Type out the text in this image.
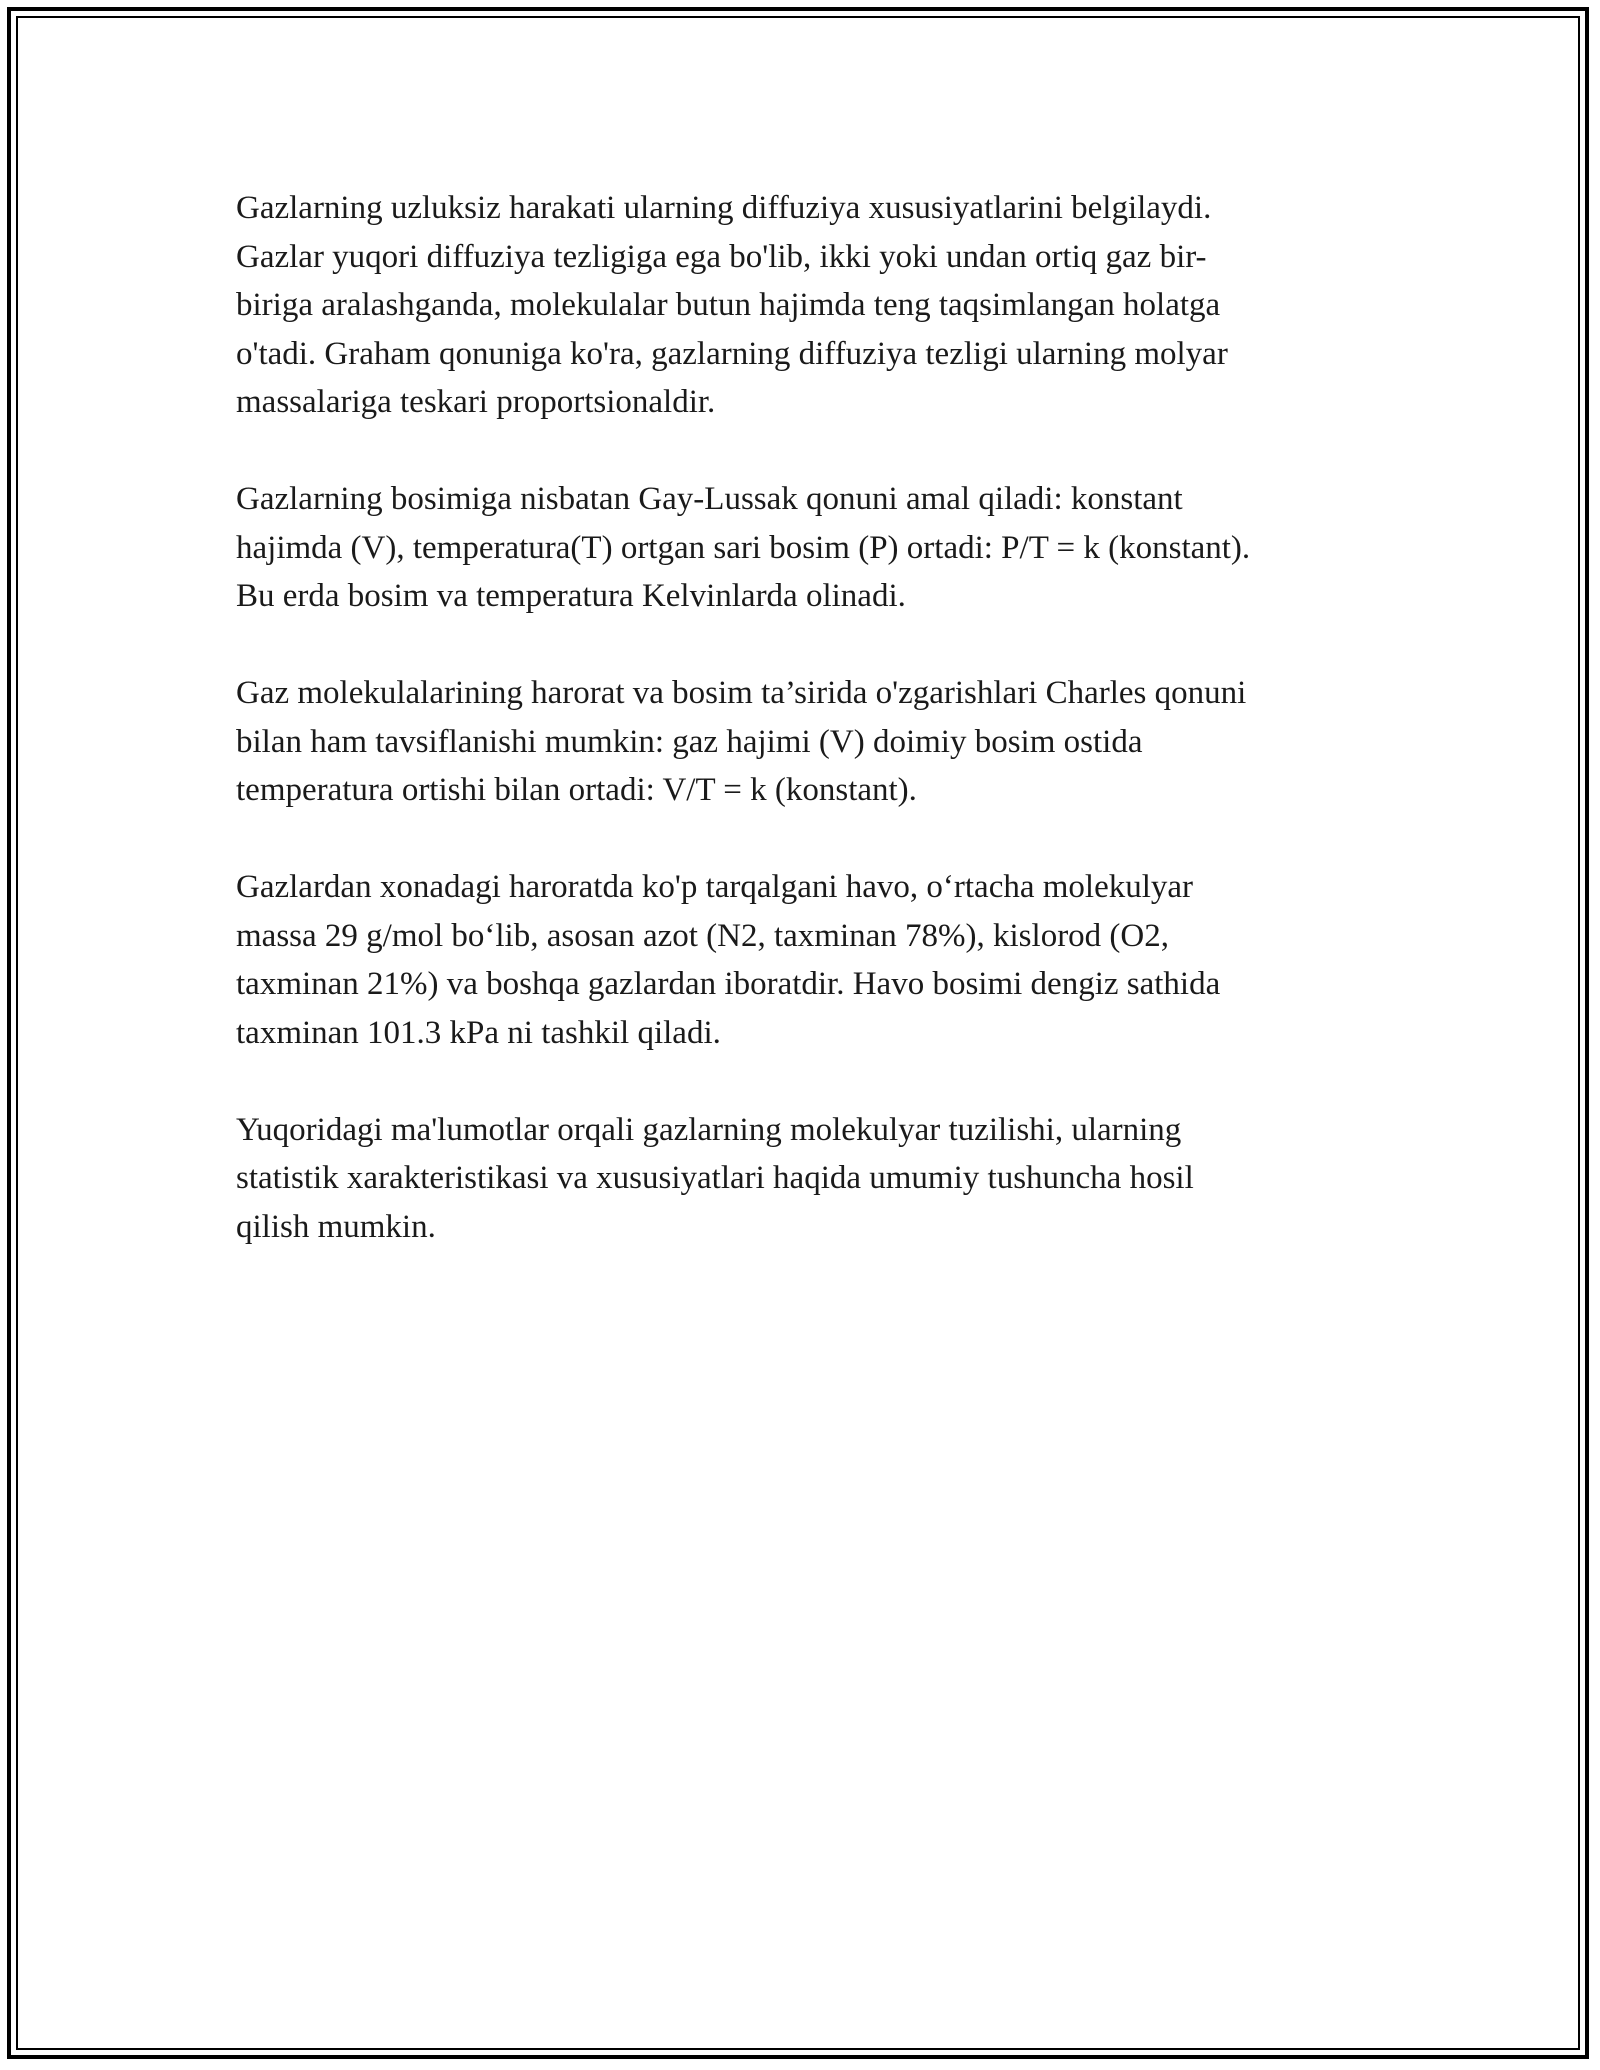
Gazlarning uzluksiz harakati ularning diffuziya xususiyatlarini belgilaydi.
Gazlar yuqori diffuziya tezligiga ega bo'lib, ikki yoki undan ortiq gaz bir-
biriga aralashganda, molekulalar butun hajimda teng taqsimlangan holatga
o'tadi. Graham qonuniga ko'ra, gazlarning diffuziya tezligi ularning molyar
massalariga teskari proportsionaldir.

Gazlarning bosimiga nisbatan Gay-Lussak qonuni amal qiladi: konstant
hajimda (V), temperatura(T) ortgan sari bosim (P) ortadi: P/T = k (konstant).
Bu erda bosim va temperatura Kelvinlarda olinadi.

Gaz molekulalarining harorat va bosim ta’sirida o'zgarishlari Charles qonuni
bilan ham tavsiflanishi mumkin: gaz hajimi (V) doimiy bosim ostida
temperatura ortishi bilan ortadi: V/T = k (konstant).

Gazlardan xonadagi haroratda ko'p tarqalgani havo, oʻrtacha molekulyar
massa 29 g/mol boʻlib, asosan azot (N2, taxminan 78%), kislorod (O2,
taxminan 21%) va boshqa gazlardan iboratdir. Havo bosimi dengiz sathida
taxminan 101.3 kPa ni tashkil qiladi.

Yuqoridagi ma'lumotlar orqali gazlarning molekulyar tuzilishi, ularning
statistik xarakteristikasi va xususiyatlari haqida umumiy tushuncha hosil
qilish mumkin.
